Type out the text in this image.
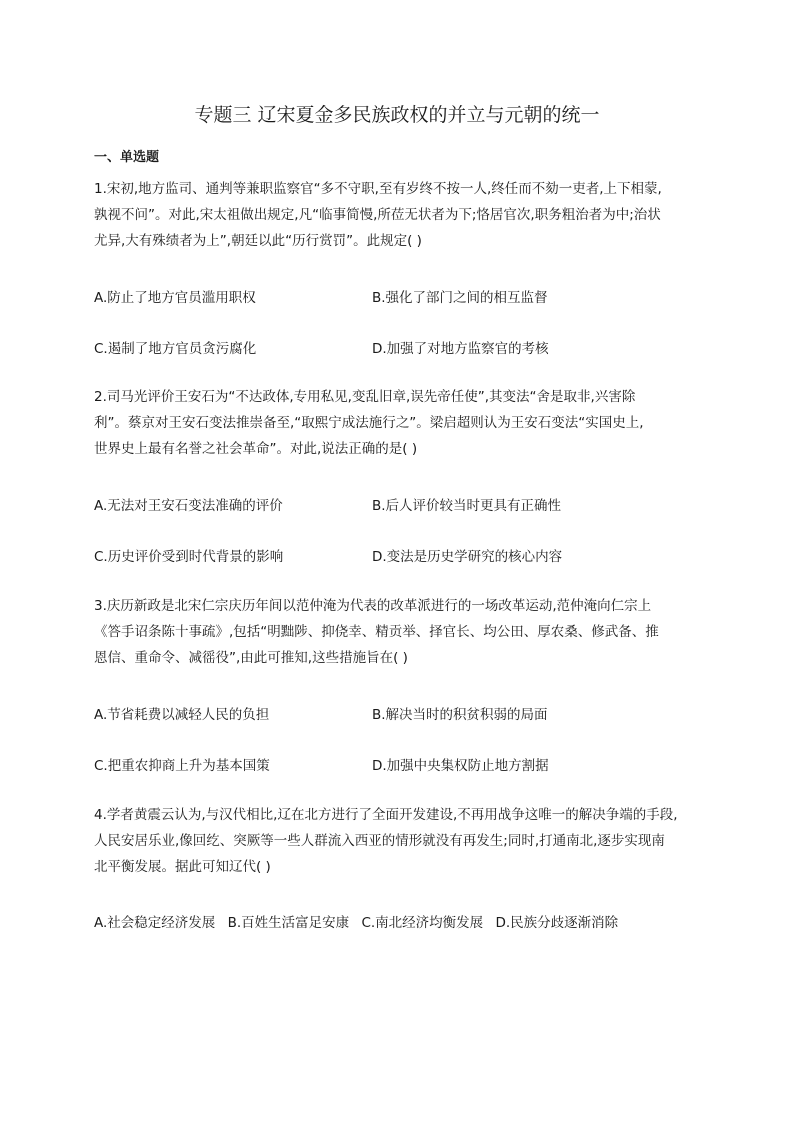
专题三 辽宋夏金多民族政权的并立与元朝的统一
一、单选题

1.宋初,地方监司、通判等兼职监察官“多不守职,至有岁终不按一人,终任而不劾一吏者,上下相蒙,
孰视不问”。对此,宋太祖做出规定,凡“临事简慢,所莅无状者为下;恪居官次,职务粗治者为中;治状
尤异,大有殊绩者为上”,朝廷以此“历行赏罚”。此规定( )

A.防止了地方官员滥用职权	B.强化了部门之间的相互监督
C.遏制了地方官员贪污腐化	D.加强了对地方监察官的考核

2.司马光评价王安石为“不达政体,专用私见,变乱旧章,误先帝任使”,其变法“舍是取非,兴害除
利”。蔡京对王安石变法推崇备至,“取熙宁成法施行之”。梁启超则认为王安石变法“实国史上,
世界史上最有名誉之社会革命”。对此,说法正确的是( )

A.无法对王安石变法准确的评价	B.后人评价较当时更具有正确性
C.历史评价受到时代背景的影响	D.变法是历史学研究的核心内容

3.庆历新政是北宋仁宗庆历年间以范仲淹为代表的改革派进行的一场改革运动,范仲淹向仁宗上
《答手诏条陈十事疏》,包括“明黜陟、抑侥幸、精贡举、择官长、均公田、厚农桑、修武备、推
恩信、重命令、减徭役”,由此可推知,这些措施旨在( )

A.节省耗费以减轻人民的负担	B.解决当时的积贫积弱的局面
C.把重农抑商上升为基本国策	D.加强中央集权防止地方割据

4.学者黄震云认为,与汉代相比,辽在北方进行了全面开发建设,不再用战争这唯一的解决争端的手段,
人民安居乐业,像回纥、突厥等一些人群流入西亚的情形就没有再发生;同时,打通南北,逐步实现南
北平衡发展。据此可知辽代( )

A.社会稳定经济发展 B.百姓生活富足安康 C.南北经济均衡发展 D.民族分歧逐渐消除
